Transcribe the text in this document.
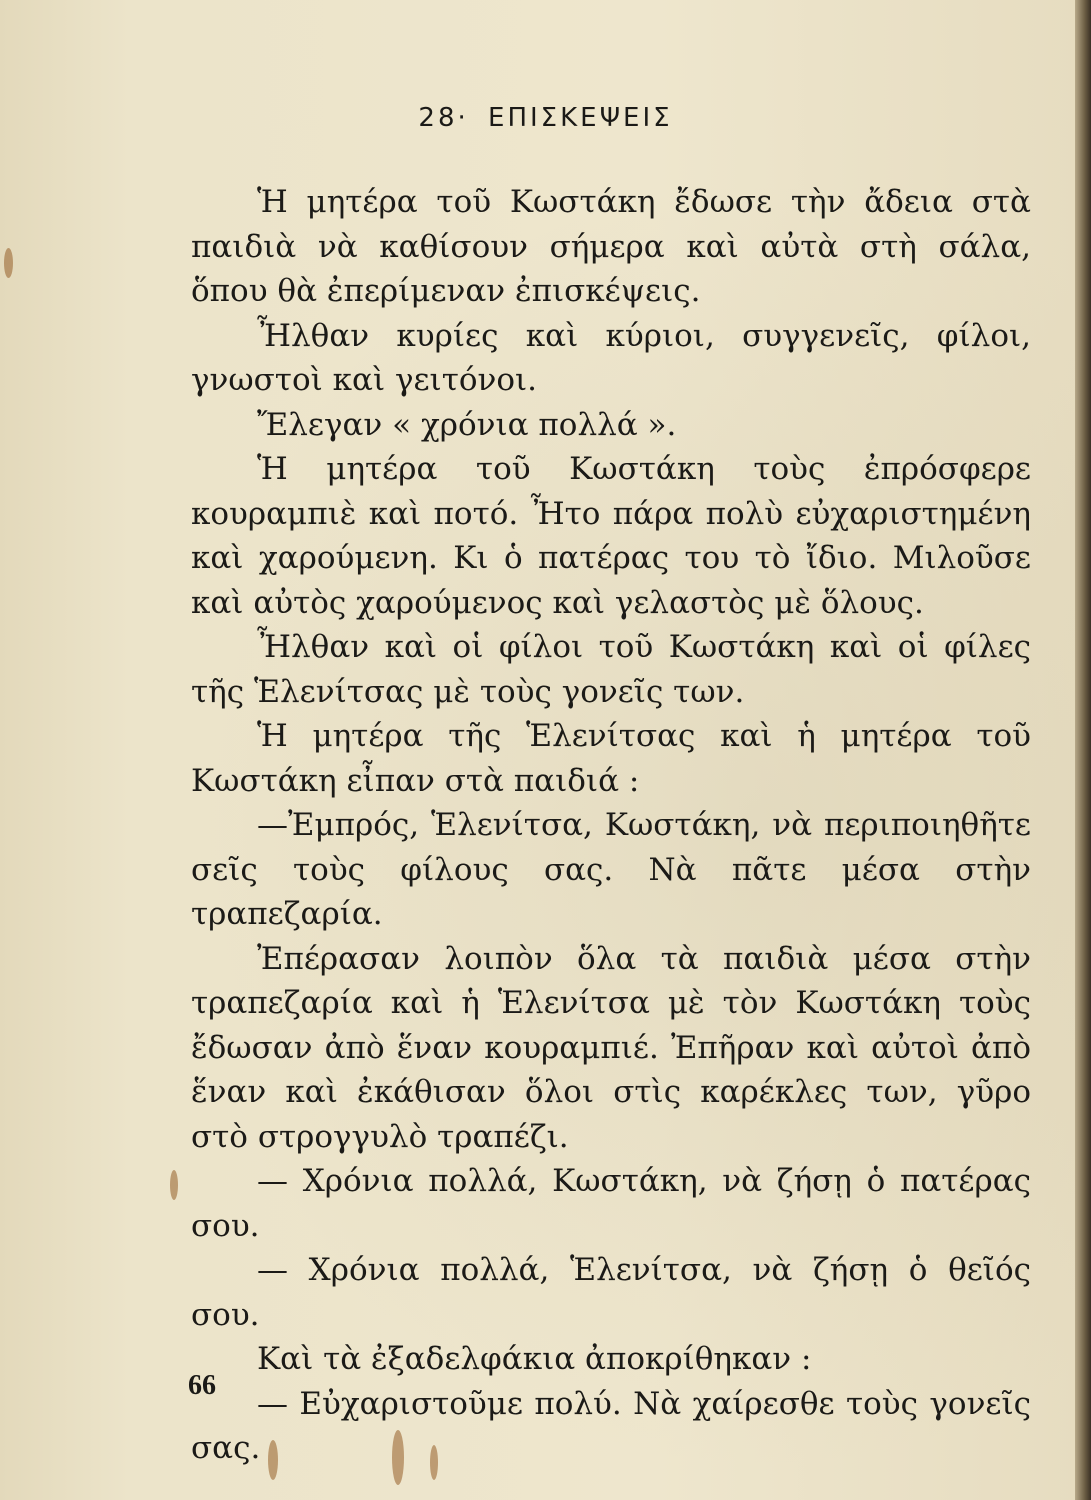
28· ΕΠΙΣΚΕΨΕΙΣ

Ἡ μητέρα τοῦ Κωστάκη ἔδωσε τὴν ἄδεια στὰ παιδιὰ νὰ καθίσουν σήμερα καὶ αὐτὰ στὴ σάλα, ὅπου θὰ ἐπερίμεναν ἐπισκέψεις.

Ἦλθαν κυρίες καὶ κύριοι, συγγενεῖς, φίλοι, γνωστοὶ καὶ γειτόνοι.

Ἔλεγαν « χρόνια πολλά ».

Ἡ μητέρα τοῦ Κωστάκη τοὺς ἐπρόσφερε κουραμπιὲ καὶ ποτό. Ἦτο πάρα πολὺ εὐχαριστημένη καὶ χαρούμενη. Κι ὁ πατέρας του τὸ ἴδιο. Μιλοῦσε καὶ αὐτὸς χαρούμενος καὶ γελαστὸς μὲ ὅλους.

Ἦλθαν καὶ οἱ φίλοι τοῦ Κωστάκη καὶ οἱ φίλες τῆς Ἑλενίτσας μὲ τοὺς γονεῖς των.

Ἡ μητέρα τῆς Ἑλενίτσας καὶ ἡ μητέρα τοῦ Κωστάκη εἶπαν στὰ παιδιά :

—Ἐμπρός, Ἑλενίτσα, Κωστάκη, νὰ περιποιηθῆτε σεῖς τοὺς φίλους σας. Νὰ πᾶτε μέσα στὴν τραπεζαρία.

Ἐπέρασαν λοιπὸν ὅλα τὰ παιδιὰ μέσα στὴν τραπεζαρία καὶ ἡ Ἑλενίτσα μὲ τὸν Κωστάκη τοὺς ἔδωσαν ἀπὸ ἕναν κουραμπιέ. Ἐπῆραν καὶ αὐτοὶ ἀπὸ ἕναν καὶ ἐκάθισαν ὅλοι στὶς καρέκλες των, γῦρο στὸ στρογγυλὸ τραπέζι.

— Χρόνια πολλά, Κωστάκη, νὰ ζήσῃ ὁ πατέρας σου.

— Χρόνια πολλά, Ἑλενίτσα, νὰ ζήσῃ ὁ θεῖός σου.

Καὶ τὰ ἐξαδελφάκια ἀποκρίθηκαν :

— Εὐχαριστοῦμε πολύ. Νὰ χαίρεσθε τοὺς γονεῖς σας.

66
